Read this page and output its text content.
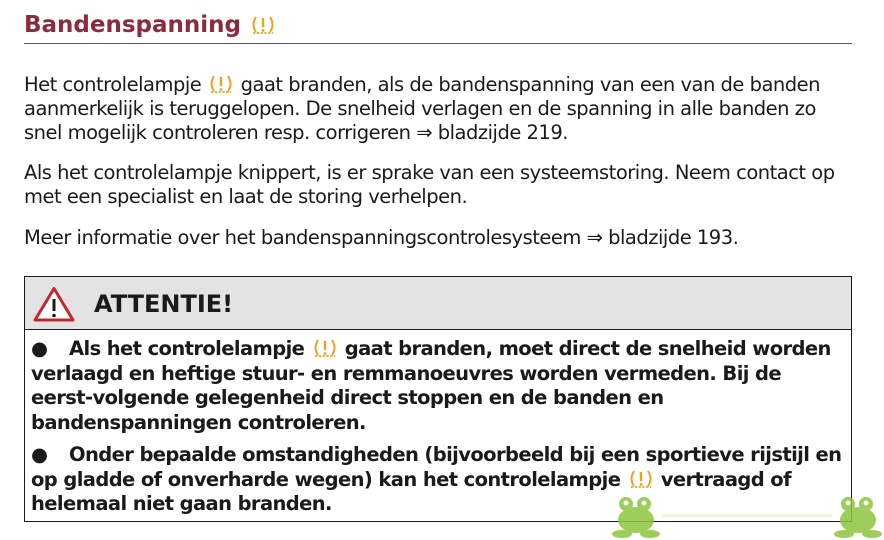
Bandenspanning

Het controlelampje gaat branden, als de bandenspanning van een van de banden aanmerkelijk is teruggelopen. De snelheid verlagen en de spanning in alle banden zo snel mogelijk controleren resp. corrigeren ⇒ bladzijde 219.

Als het controlelampje knippert, is er sprake van een systeemstoring. Neem contact op met een specialist en laat de storing verhelpen.

Meer informatie over het bandenspanningscontrolesysteem ⇒ bladzijde 193.

ATTENTIE!

● Als het controlelampje gaat branden, moet direct de snelheid worden verlaagd en heftige stuur- en remmanoeuvres worden vermeden. Bij de eerst-volgende gelegenheid direct stoppen en de banden en bandenspanningen controleren.

● Onder bepaalde omstandigheden (bijvoorbeeld bij een sportieve rijstijl en op gladde of onverharde wegen) kan het controlelampje vertraagd of helemaal niet gaan branden.
